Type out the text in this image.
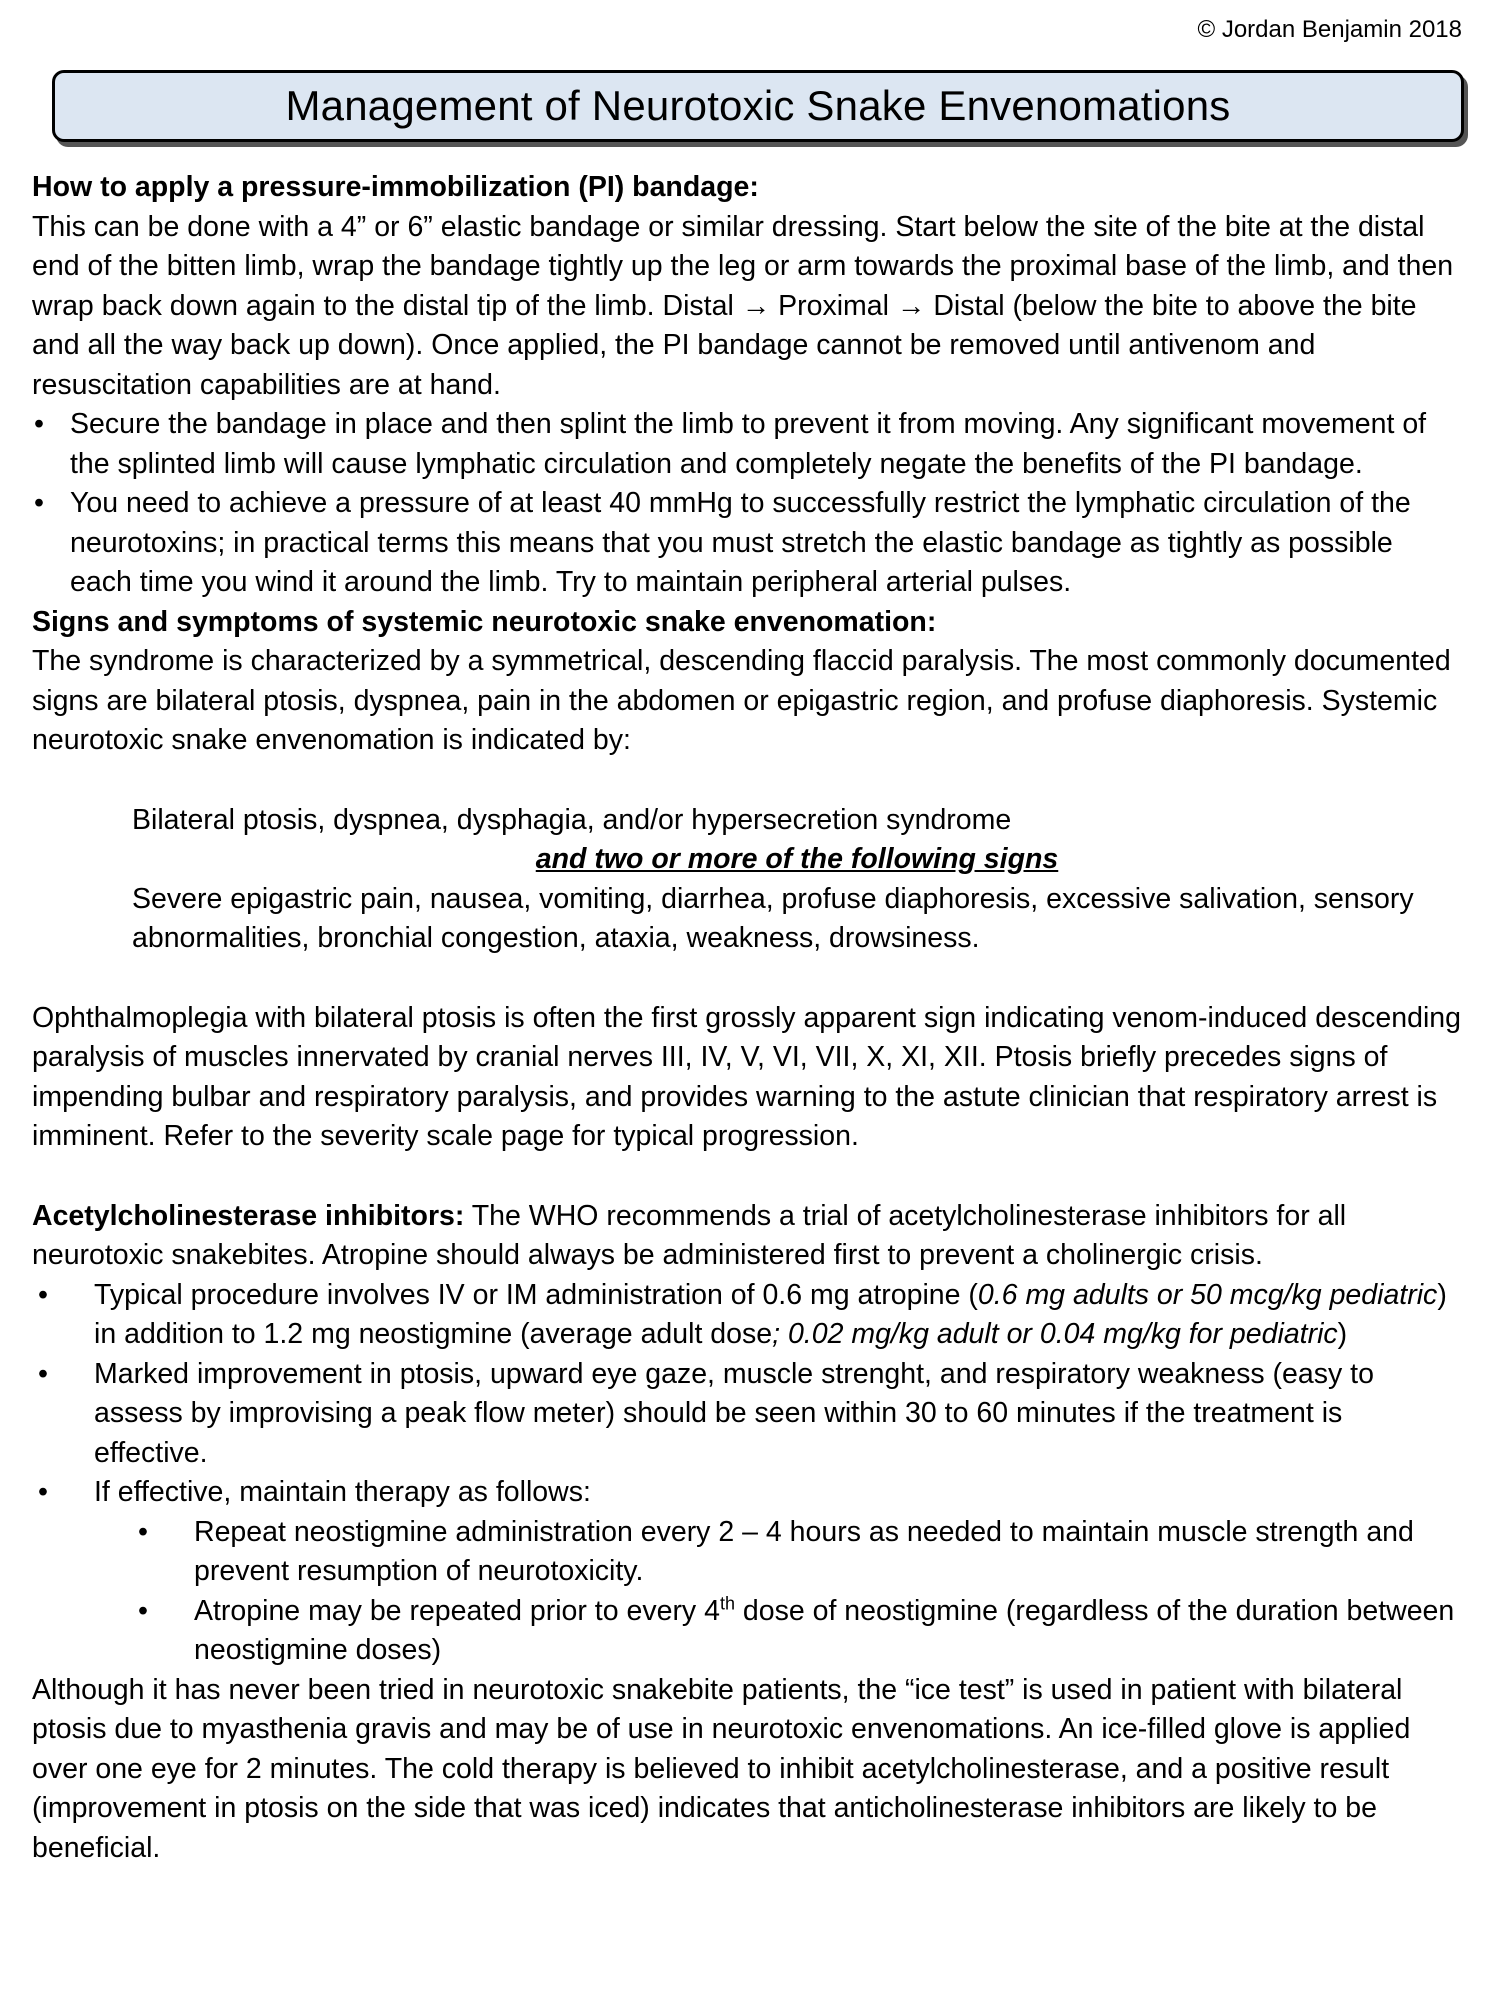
© Jordan Benjamin 2018
Management of Neurotoxic Snake Envenomations

How to apply a pressure-immobilization (PI) bandage:

This can be done with a 4” or 6” elastic bandage or similar dressing. Start below the site of the bite at the distal end of the bitten limb, wrap the bandage tightly up the leg or arm towards the proximal base of the limb, and then wrap back down again to the distal tip of the limb. Distal → Proximal → Distal (below the bite to above the bite and all the way back up down). Once applied, the PI bandage cannot be removed until antivenom and resuscitation capabilities are at hand.

• Secure the bandage in place and then splint the limb to prevent it from moving. Any significant movement of the splinted limb will cause lymphatic circulation and completely negate the benefits of the PI bandage.
• You need to achieve a pressure of at least 40 mmHg to successfully restrict the lymphatic circulation of the neurotoxins; in practical terms this means that you must stretch the elastic bandage as tightly as possible each time you wind it around the limb. Try to maintain peripheral arterial pulses.

Signs and symptoms of systemic neurotoxic snake envenomation:

The syndrome is characterized by a symmetrical, descending flaccid paralysis. The most commonly documented signs are bilateral ptosis, dyspnea, pain in the abdomen or epigastric region, and profuse diaphoresis. Systemic neurotoxic snake envenomation is indicated by:

Bilateral ptosis, dyspnea, dysphagia, and/or hypersecretion syndrome

and two or more of the following signs

Severe epigastric pain, nausea, vomiting, diarrhea, profuse diaphoresis, excessive salivation, sensory abnormalities, bronchial congestion, ataxia, weakness, drowsiness.

Ophthalmoplegia with bilateral ptosis is often the first grossly apparent sign indicating venom-induced descending paralysis of muscles innervated by cranial nerves III, IV, V, VI, VII, X, XI, XII. Ptosis briefly precedes signs of impending bulbar and respiratory paralysis, and provides warning to the astute clinician that respiratory arrest is imminent. Refer to the severity scale page for typical progression.

Acetylcholinesterase inhibitors: The WHO recommends a trial of acetylcholinesterase inhibitors for all neurotoxic snakebites. Atropine should always be administered first to prevent a cholinergic crisis.

• Typical procedure involves IV or IM administration of 0.6 mg atropine (0.6 mg adults or 50 mcg/kg pediatric) in addition to 1.2 mg neostigmine (average adult dose; 0.02 mg/kg adult or 0.04 mg/kg for pediatric)
• Marked improvement in ptosis, upward eye gaze, muscle strenght, and respiratory weakness (easy to assess by improvising a peak flow meter) should be seen within 30 to 60 minutes if the treatment is effective.
• If effective, maintain therapy as follows:
• Repeat neostigmine administration every 2 – 4 hours as needed to maintain muscle strength and prevent resumption of neurotoxicity.
• Atropine may be repeated prior to every 4th dose of neostigmine (regardless of the duration between neostigmine doses)

Although it has never been tried in neurotoxic snakebite patients, the “ice test” is used in patient with bilateral ptosis due to myasthenia gravis and may be of use in neurotoxic envenomations. An ice-filled glove is applied over one eye for 2 minutes. The cold therapy is believed to inhibit acetylcholinesterase, and a positive result (improvement in ptosis on the side that was iced) indicates that anticholinesterase inhibitors are likely to be beneficial.
